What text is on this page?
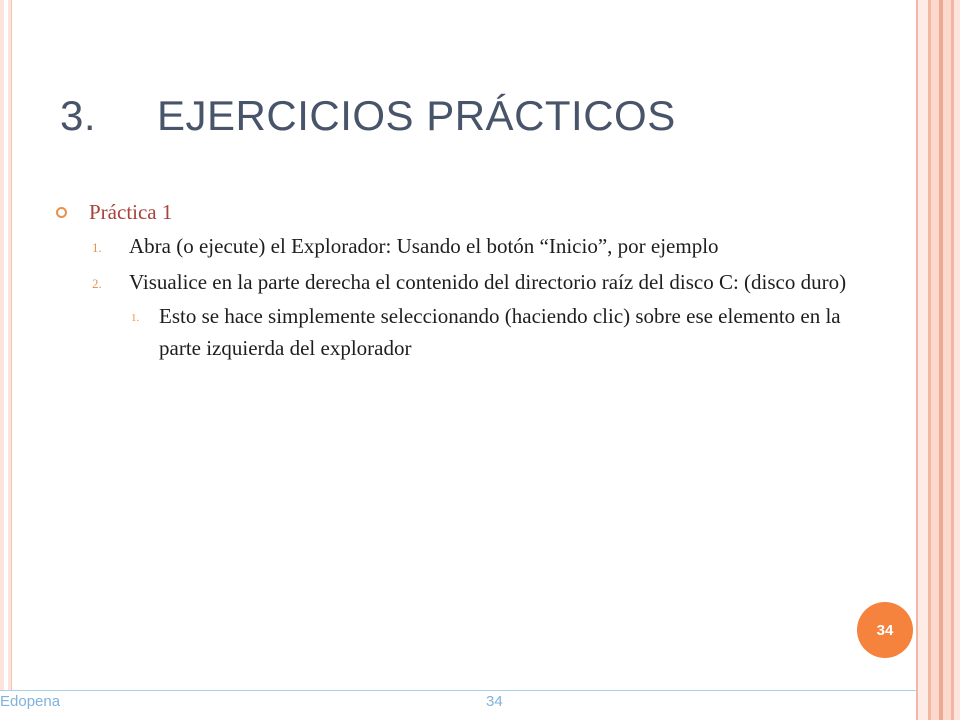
3.	EJERCICIOS PRÁCTICOS
Práctica 1
1. Abra (o ejecute) el Explorador: Usando el botón “Inicio”, por ejemplo
2. Visualice en la parte derecha el contenido del directorio raíz del disco C: (disco duro)
1. Esto se hace simplemente seleccionando (haciendo clic) sobre ese elemento en la parte izquierda del explorador
34
Edopena	34
